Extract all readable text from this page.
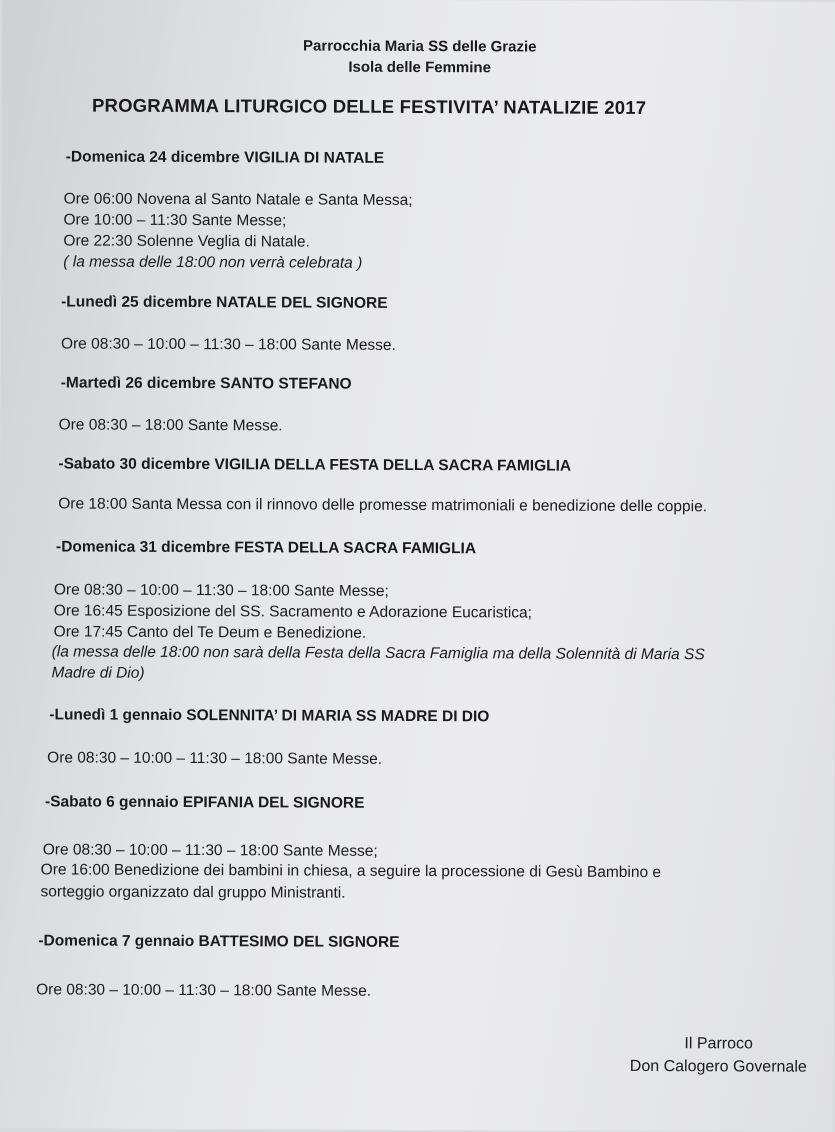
Parrocchia Maria SS delle Grazie
Isola delle Femmine
PROGRAMMA LITURGICO DELLE FESTIVITA’ NATALIZIE 2017
-Domenica 24 dicembre VIGILIA DI NATALE
Ore 06:00 Novena al Santo Natale e Santa Messa;
Ore 10:00 – 11:30 Sante Messe;
Ore 22:30 Solenne Veglia di Natale.
( la messa delle 18:00 non verrà celebrata )
-Lunedì 25 dicembre NATALE DEL SIGNORE
Ore 08:30 – 10:00 – 11:30 – 18:00 Sante Messe.
-Martedì 26 dicembre SANTO STEFANO
Ore 08:30 – 18:00 Sante Messe.
-Sabato 30 dicembre VIGILIA DELLA FESTA DELLA SACRA FAMIGLIA
Ore 18:00 Santa Messa con il rinnovo delle promesse matrimoniali e benedizione delle coppie.
-Domenica 31 dicembre FESTA DELLA SACRA FAMIGLIA
Ore 08:30 – 10:00 – 11:30 – 18:00 Sante Messe;
Ore 16:45 Esposizione del SS. Sacramento e Adorazione Eucaristica;
Ore 17:45 Canto del Te Deum e Benedizione.
(la messa delle 18:00 non sarà della Festa della Sacra Famiglia ma della Solennità di Maria SS
Madre di Dio)
-Lunedì 1 gennaio SOLENNITA’ DI MARIA SS MADRE DI DIO
Ore 08:30 – 10:00 – 11:30 – 18:00 Sante Messe.
-Sabato 6 gennaio EPIFANIA DEL SIGNORE
Ore 08:30 – 10:00 – 11:30 – 18:00 Sante Messe;
Ore 16:00 Benedizione dei bambini in chiesa, a seguire la processione di Gesù Bambino e
sorteggio organizzato dal gruppo Ministranti.
-Domenica 7 gennaio BATTESIMO DEL SIGNORE
Ore 08:30 – 10:00 – 11:30 – 18:00 Sante Messe.
Il Parroco
Don Calogero Governale
